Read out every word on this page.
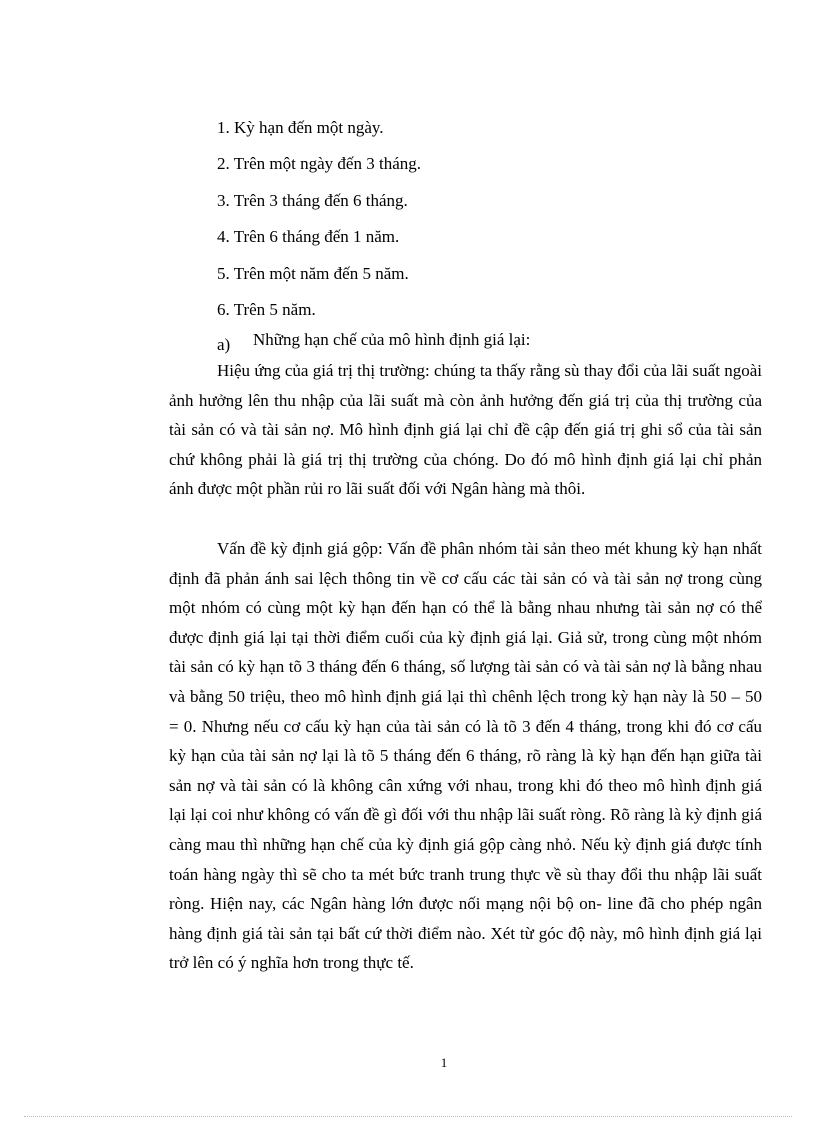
1. Kỳ hạn đến một ngày.
2. Trên một ngày đến 3 tháng.
3. Trên 3 tháng đến 6 tháng.
4. Trên 6 tháng đến 1 năm.
5. Trên một năm đến 5 năm.
6. Trên 5 năm.
a) Những hạn chế của mô hình định giá lại:

Hiệu ứng của giá trị thị trường: chúng ta thấy rằng sù thay đổi của lãi suất ngoài ảnh hưởng lên thu nhập của lãi suất mà còn ảnh hưởng đến giá trị của thị trường của tài sản có và tài sản nợ. Mô hình định giá lại chỉ đề cập đến giá trị ghi sổ của tài sản chứ không phải là giá trị thị trường của chóng. Do đó mô hình định giá lại chỉ phản ánh được một phần rủi ro lãi suất đối với Ngân hàng mà thôi.

Vấn đề kỳ định giá gộp: Vấn đề phân nhóm tài sản theo mét khung kỳ hạn nhất định đã phản ánh sai lệch thông tin về cơ cấu các tài sản có và tài sản nợ trong cùng một nhóm có cùng một kỳ hạn đến hạn có thể là bằng nhau nhưng tài sản nợ có thể được định giá lại tại thời điểm cuối của kỳ định giá lại. Giả sử, trong cùng một nhóm tài sản có kỳ hạn tõ 3 tháng đến 6 tháng, số lượng tài sản có và tài sản nợ là bằng nhau và bằng 50 triệu, theo mô hình định giá lại thì chênh lệch trong kỳ hạn này là 50 – 50 = 0. Nhưng nếu cơ cấu kỳ hạn của tài sản có là tõ 3 đến 4 tháng, trong khi đó cơ cấu kỳ hạn của tài sản nợ lại là tõ 5 tháng đến 6 tháng, rõ ràng là kỳ hạn đến hạn giữa tài sản nợ và tài sản có là không cân xứng với nhau, trong khi đó theo mô hình định giá lại lại coi như không có vấn đề gì đối với thu nhập lãi suất ròng. Rõ ràng là kỳ định giá càng mau thì những hạn chế của kỳ định giá gộp càng nhỏ. Nếu kỳ định giá được tính toán hàng ngày thì sẽ cho ta mét bức tranh trung thực về sù thay đổi thu nhập lãi suất ròng. Hiện nay, các Ngân hàng lớn được nối mạng nội bộ on- line đã cho phép ngân hàng định giá tài sản tại bất cứ thời điểm nào. Xét từ góc độ này, mô hình định giá lại trở lên có ý nghĩa hơn trong thực tế.

1
